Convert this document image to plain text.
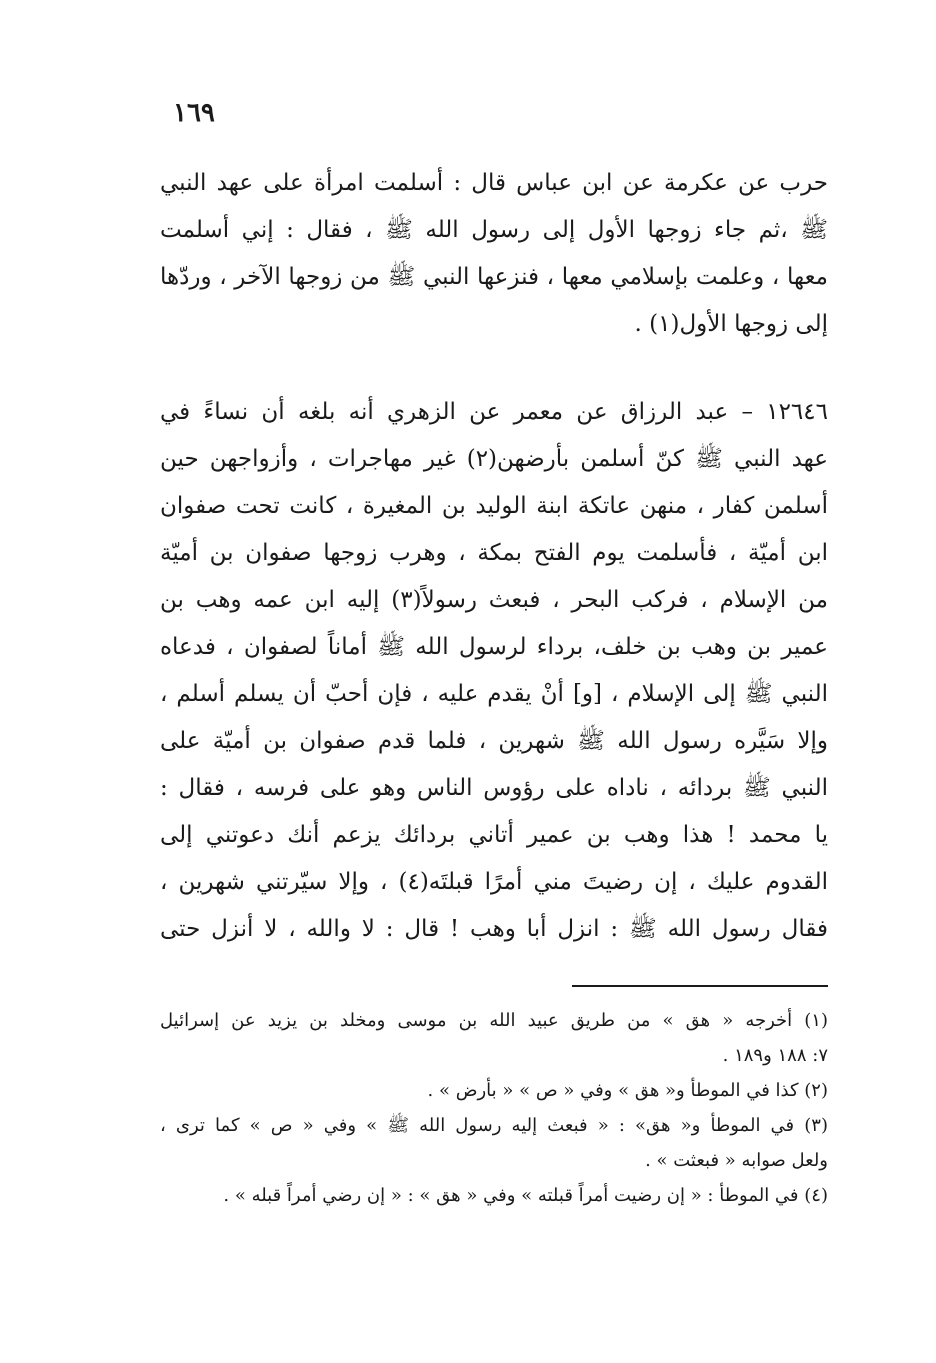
١٦٩
حرب عن عكرمة عن ابن عباس قال : أسلمت امرأة على عهد النبي
ﷺ ،ثم جاء زوجها الأول إلى رسول الله ﷺ ، فقال : إني أسلمت
معها ، وعلمت بإسلامي معها ، فنزعها النبي ﷺ من زوجها الآخر ، وردّها
إلى زوجها الأول(١) .
١٢٦٤٦ – عبد الرزاق عن معمر عن الزهري أنه بلغه أن نساءً في
عهد النبي ﷺ كنّ أسلمن بأرضهن(٢) غير مهاجرات ، وأزواجهن حين
أسلمن كفار ، منهن عاتكة ابنة الوليد بن المغيرة ، كانت تحت صفوان
ابن أميّة ، فأسلمت يوم الفتح بمكة ، وهرب زوجها صفوان بن أميّة
من الإسلام ، فركب البحر ، فبعث رسولاً(٣) إليه ابن عمه وهب بن
عمير بن وهب بن خلف، برداء لرسول الله ﷺ أماناً لصفوان ، فدعاه
النبي ﷺ إلى الإسلام ، [و] أنْ يقدم عليه ، فإن أحبّ أن يسلم أسلم ،
وإلا سَيَّره رسول الله ﷺ شهرين ، فلما قدم صفوان بن أميّة على
النبي ﷺ بردائه ، ناداه على رؤوس الناس وهو على فرسه ، فقال :
يا محمد ! هذا وهب بن عمير أتاني بردائك يزعم أنك دعوتني إلى
القدوم عليك ، إن رضيتَ مني أمرًا قبلتَه(٤) ، وإلا سيّرتني شهرين ،
فقال رسول الله ﷺ : انزل أبا وهب ! قال : لا والله ، لا أنزل حتى
(١) أخرجه « هق » من طريق عبيد الله بن موسى ومخلد بن يزيد عن إسرائيل
٧: ١٨٨ و١٨٩ .
(٢) كذا في الموطأ و« هق » وفي « ص » « بأرض » .
(٣) في الموطأ و« هق» : « فبعث إليه رسول الله ﷺ » وفي « ص » كما ترى ،
ولعل صوابه « فبعثت » .
(٤) في الموطأ : « إن رضيت أمراً قبلته » وفي « هق » : « إن رضي أمراً قبله » .
